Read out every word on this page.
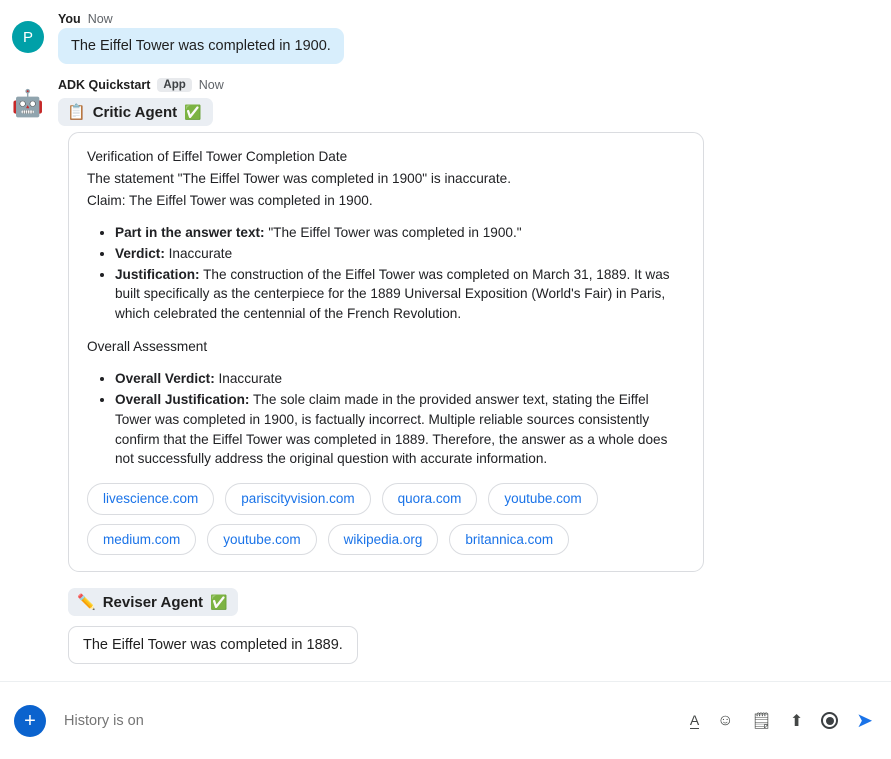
P
You Now
The Eiffel Tower was completed in 1900.
🤖
ADK Quickstart	App	Now
📋 Critic Agent ✅

Verification of Eiffel Tower Completion Date

The statement "The Eiffel Tower was completed in 1900" is inaccurate.

Claim: The Eiffel Tower was completed in 1900.

• Part in the answer text: "The Eiffel Tower was completed in 1900."
• Verdict: Inaccurate
• Justification: The construction of the Eiffel Tower was completed on March 31, 1889. It was built specifically as the centerpiece for the 1889 Universal Exposition (World's Fair) in Paris, which celebrated the centennial of the French Revolution.

Overall Assessment

• Overall Verdict: Inaccurate
• Overall Justification: The sole claim made in the provided answer text, stating the Eiffel Tower was completed in 1900, is factually incorrect. Multiple reliable sources consistently confirm that the Eiffel Tower was completed in 1889. Therefore, the answer as a whole does not successfully address the original question with accurate information.
livescience.com	pariscityvision.com	quora.com	youtube.com
medium.com	youtube.com	wikipedia.org	britannica.com
✏️ Reviser Agent ✅
The Eiffel Tower was completed in 1889.
+
History is on	A ☺ 🗒 ⬆	➤
